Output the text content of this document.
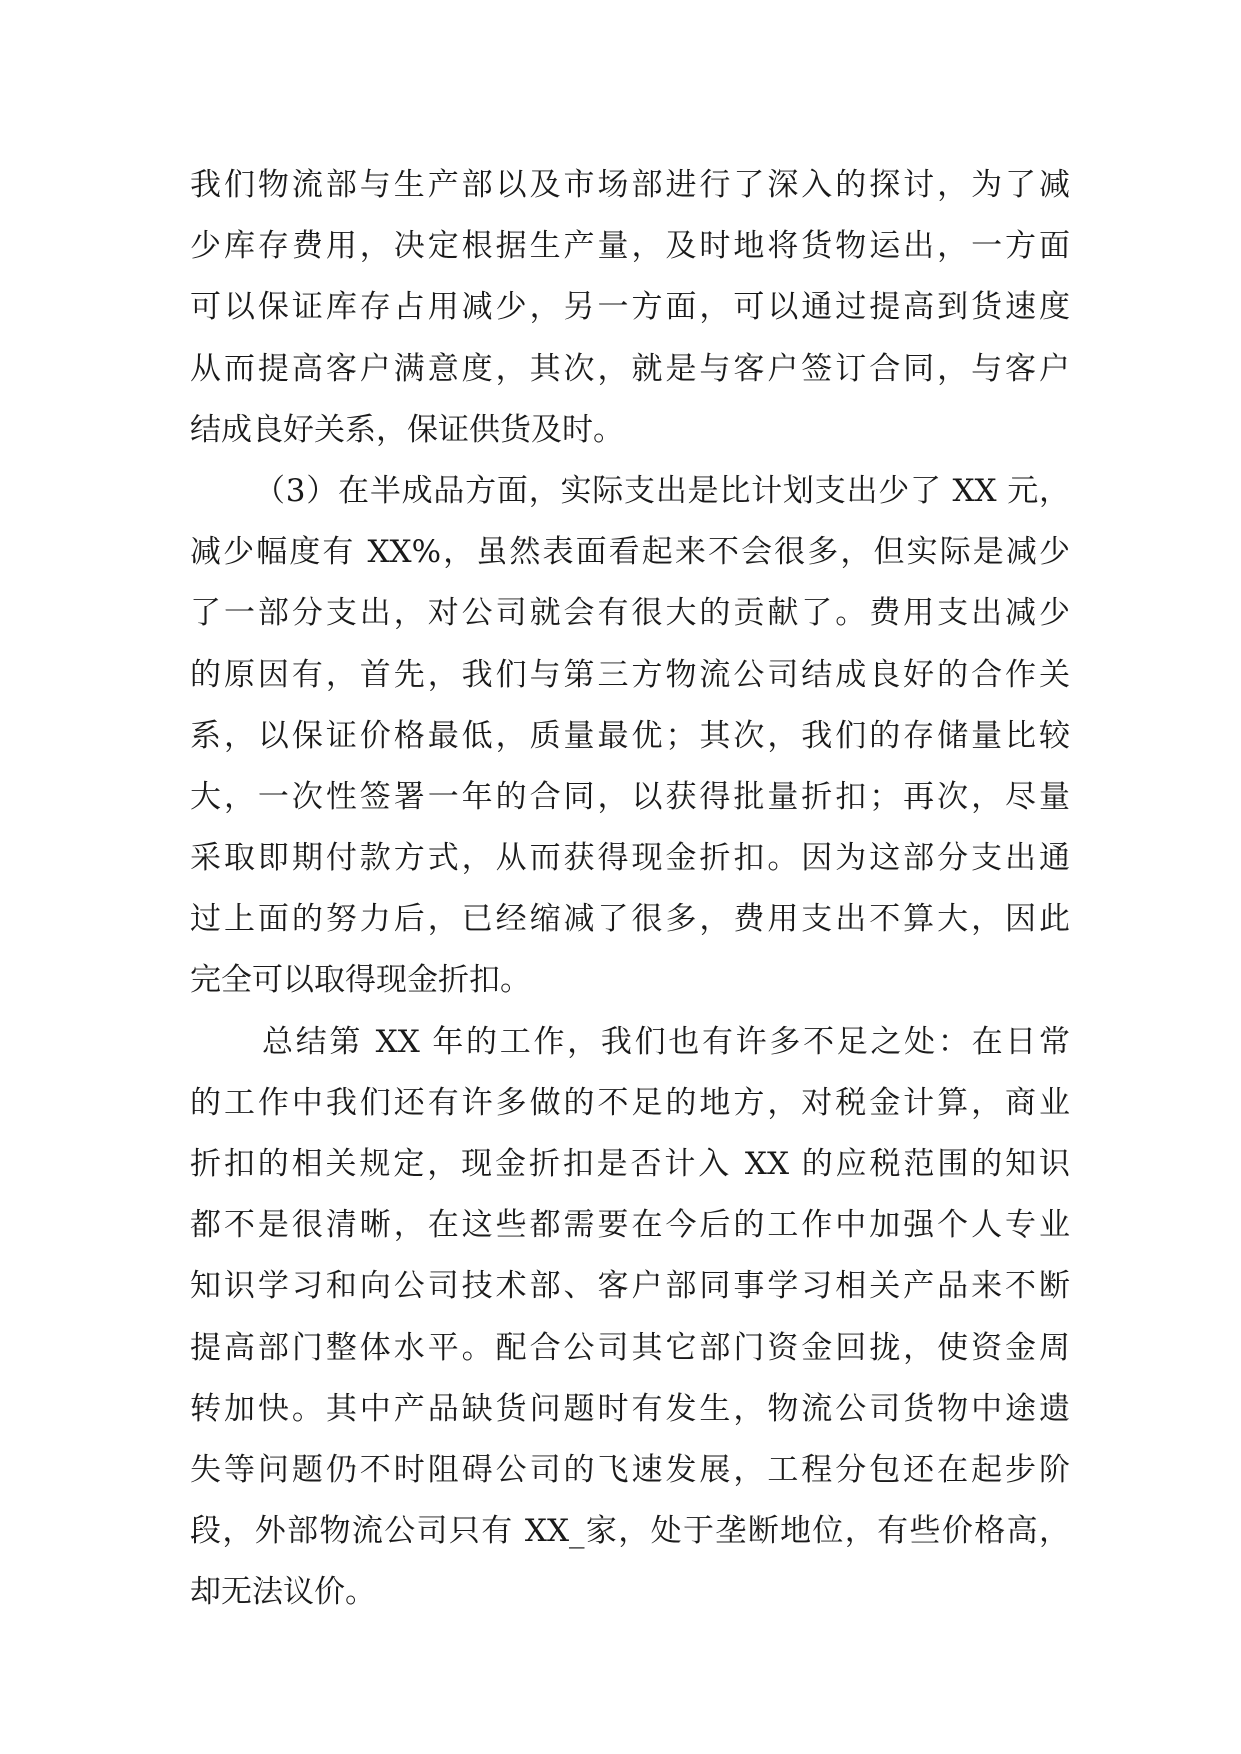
我们物流部与生产部以及市场部进行了深入的探讨，为了减
少库存费用，决定根据生产量，及时地将货物运出，一方面
可以保证库存占用减少，另一方面，可以通过提高到货速度
从而提高客户满意度，其次，就是与客户签订合同，与客户
结成良好关系，保证供货及时。
（3）在半成品方面，实际支出是比计划支出少了 XX 元，
减少幅度有 XX%，虽然表面看起来不会很多，但实际是减少
了一部分支出，对公司就会有很大的贡献了。费用支出减少
的原因有，首先，我们与第三方物流公司结成良好的合作关
系，以保证价格最低，质量最优；其次，我们的存储量比较
大，一次性签署一年的合同，以获得批量折扣；再次，尽量
采取即期付款方式，从而获得现金折扣。因为这部分支出通
过上面的努力后，已经缩减了很多，费用支出不算大，因此
完全可以取得现金折扣。
总结第 XX 年的工作，我们也有许多不足之处：在日常
的工作中我们还有许多做的不足的地方，对税金计算，商业
折扣的相关规定，现金折扣是否计入 XX 的应税范围的知识
都不是很清晰，在这些都需要在今后的工作中加强个人专业
知识学习和向公司技术部、客户部同事学习相关产品来不断
提高部门整体水平。配合公司其它部门资金回拢，使资金周
转加快。其中产品缺货问题时有发生，物流公司货物中途遗
失等问题仍不时阻碍公司的飞速发展，工程分包还在起步阶
段，外部物流公司只有 XX_家，处于垄断地位，有些价格高，
却无法议价。
